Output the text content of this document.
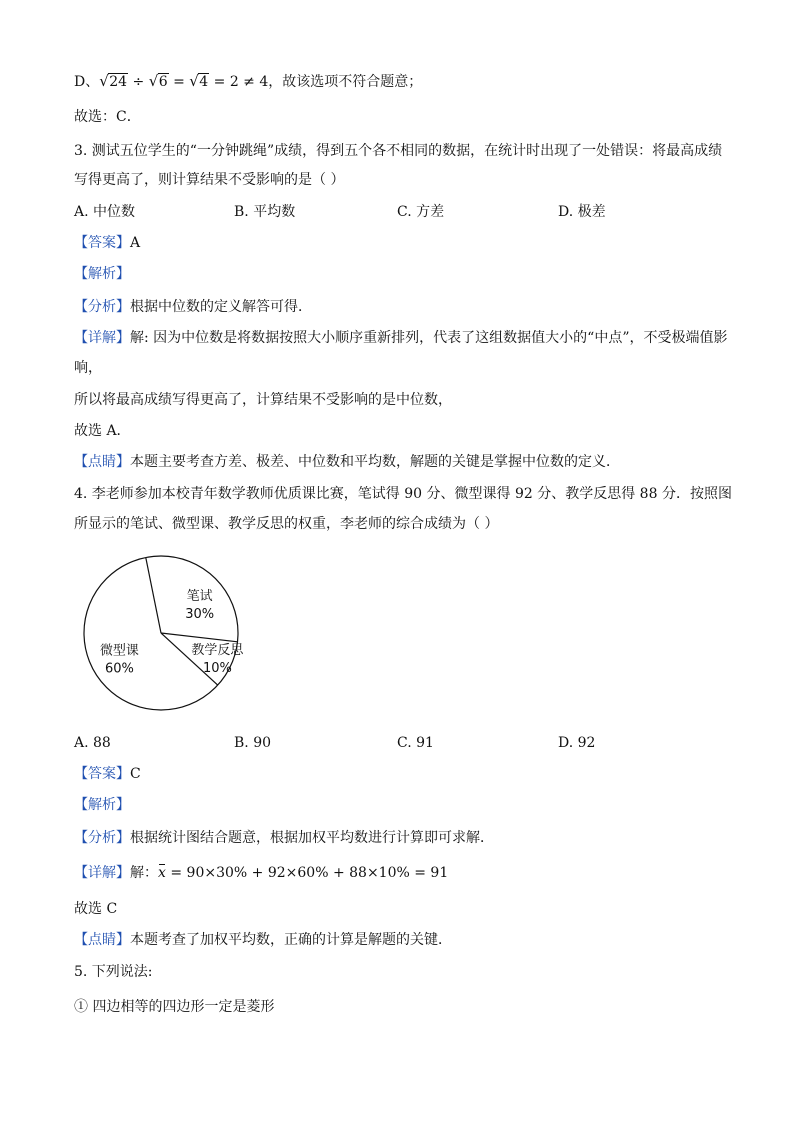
D、√ 24 ÷ √ 6 = √ 4 = 2 ≠ 4，故该选项不符合题意；
故选：C．
3. 测试五位学生的“一分钟跳绳”成绩，得到五个各不相同的数据，在统计时出现了一处错误：将最高成绩
写得更高了，则计算结果不受影响的是（ ）
A. 中位数	B. 平均数	C. 方差	D. 极差
【答案】A
【解析】
【分析】根据中位数的定义解答可得．
【详解】解: 因为中位数是将数据按照大小顺序重新排列，代表了这组数据值大小的“中点”，不受极端值影
响，
所以将最高成绩写得更高了，计算结果不受影响的是中位数，
故选 A．
【点睛】本题主要考查方差、极差、中位数和平均数，解题的关键是掌握中位数的定义．
4. 李老师参加本校青年数学教师优质课比赛，笔试得 90 分、微型课得 92 分、教学反思得 88 分．按照图
所显示的笔试、微型课、教学反思的权重，李老师的综合成绩为（ ）
笔试
30%
教学反思
10%
微型课
60%
A. 88	B. 90	C. 91	D. 92
【答案】C
【解析】
【分析】根据统计图结合题意，根据加权平均数进行计算即可求解．
【详解】解：x = 90×30% + 92×60% + 88×10% = 91
故选 C
【点睛】本题考查了加权平均数，正确的计算是解题的关键．
5. 下列说法:
① 四边相等的四边形一定是菱形
